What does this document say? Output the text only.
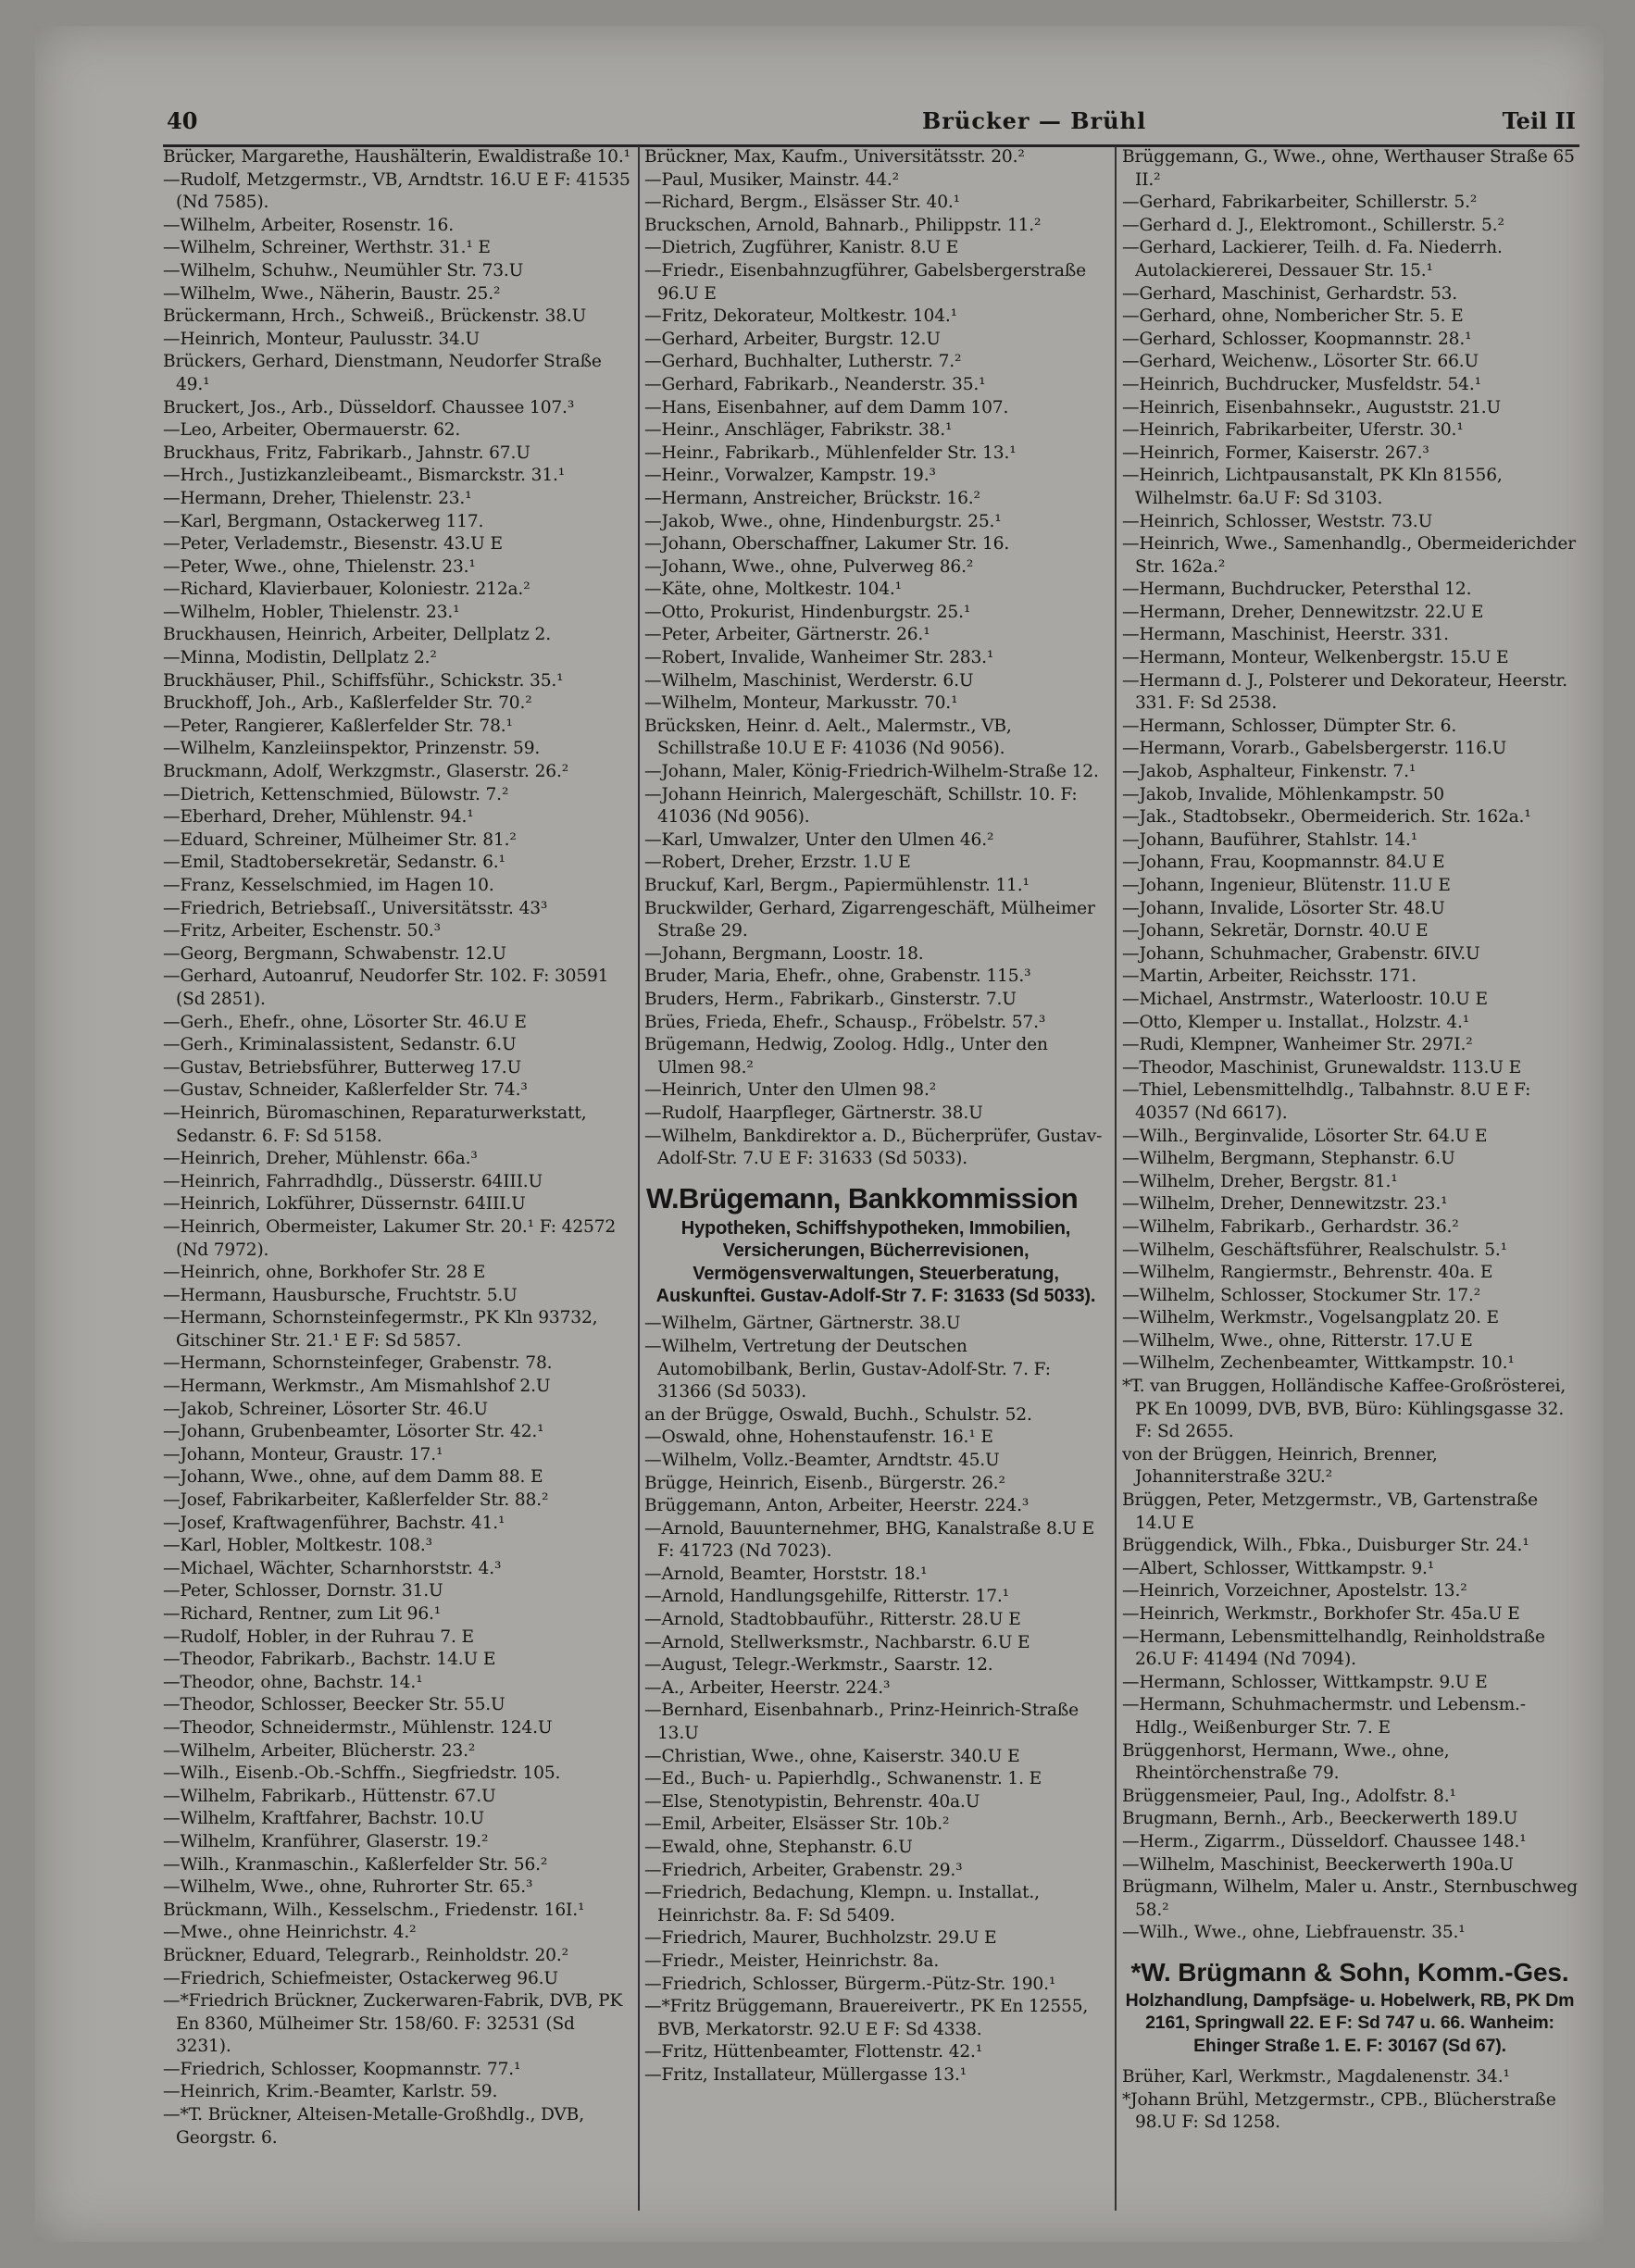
40	Brücker — Brühl	Teil II

Brücker, Margarethe, Haushälterin, Ewaldistraße 10.¹

—Rudolf, Metzgermstr., VB, Arndtstr. 16.U E F: 41535 (Nd 7585).

—Wilhelm, Arbeiter, Rosenstr. 16.

—Wilhelm, Schreiner, Werthstr. 31.¹ E

—Wilhelm, Schuhw., Neumühler Str. 73.U

—Wilhelm, Wwe., Näherin, Baustr. 25.²

Brückermann, Hrch., Schweiß., Brückenstr. 38.U

—Heinrich, Monteur, Paulusstr. 34.U

Brückers, Gerhard, Dienstmann, Neudorfer Straße 49.¹

Bruckert, Jos., Arb., Düsseldorf. Chaussee 107.³

—Leo, Arbeiter, Obermauerstr. 62.

Bruckhaus, Fritz, Fabrikarb., Jahnstr. 67.U

—Hrch., Justizkanzleibeamt., Bismarckstr. 31.¹

—Hermann, Dreher, Thielenstr. 23.¹

—Karl, Bergmann, Ostackerweg 117.

—Peter, Verlademstr., Biesenstr. 43.U E

—Peter, Wwe., ohne, Thielenstr. 23.¹

—Richard, Klavierbauer, Koloniestr. 212a.²

—Wilhelm, Hobler, Thielenstr. 23.¹

Bruckhausen, Heinrich, Arbeiter, Dellplatz 2.

—Minna, Modistin, Dellplatz 2.²

Bruckhäuser, Phil., Schiffsführ., Schickstr. 35.¹

Bruckhoff, Joh., Arb., Kaßlerfelder Str. 70.²

—Peter, Rangierer, Kaßlerfelder Str. 78.¹

—Wilhelm, Kanzleiinspektor, Prinzenstr. 59.

Bruckmann, Adolf, Werkzgmstr., Glaserstr. 26.²

—Dietrich, Kettenschmied, Bülowstr. 7.²

—Eberhard, Dreher, Mühlenstr. 94.¹

—Eduard, Schreiner, Mülheimer Str. 81.²

—Emil, Stadtobersekretär, Sedanstr. 6.¹

—Franz, Kesselschmied, im Hagen 10.

—Friedrich, Betriebsaſſ., Universitätsstr. 43³

—Fritz, Arbeiter, Eschenstr. 50.³

—Georg, Bergmann, Schwabenstr. 12.U

—Gerhard, Autoanruf, Neudorfer Str. 102. F: 30591 (Sd 2851).

—Gerh., Ehefr., ohne, Lösorter Str. 46.U E

—Gerh., Kriminalassistent, Sedanstr. 6.U

—Gustav, Betriebsführer, Butterweg 17.U

—Gustav, Schneider, Kaßlerfelder Str. 74.³

—Heinrich, Büromaschinen, Reparaturwerkstatt, Sedanstr. 6. F: Sd 5158.

—Heinrich, Dreher, Mühlenstr. 66a.³

—Heinrich, Fahrradhdlg., Düsserstr. 64III.U

—Heinrich, Lokführer, Düssernstr. 64III.U

—Heinrich, Obermeister, Lakumer Str. 20.¹ F: 42572 (Nd 7972).

—Heinrich, ohne, Borkhofer Str. 28 E

—Hermann, Hausbursche, Fruchtstr. 5.U

—Hermann, Schornsteinfegermstr., PK Kln 93732, Gitschiner Str. 21.¹ E F: Sd 5857.

—Hermann, Schornsteinfeger, Grabenstr. 78.

—Hermann, Werkmstr., Am Mismahlshof 2.U

—Jakob, Schreiner, Lösorter Str. 46.U

—Johann, Grubenbeamter, Lösorter Str. 42.¹

—Johann, Monteur, Graustr. 17.¹

—Johann, Wwe., ohne, auf dem Damm 88. E

—Josef, Fabrikarbeiter, Kaßlerfelder Str. 88.²

—Josef, Kraftwagenführer, Bachstr. 41.¹

—Karl, Hobler, Moltkestr. 108.³

—Michael, Wächter, Scharnhorststr. 4.³

—Peter, Schlosser, Dornstr. 31.U

—Richard, Rentner, zum Lit 96.¹

—Rudolf, Hobler, in der Ruhrau 7. E

—Theodor, Fabrikarb., Bachstr. 14.U E

—Theodor, ohne, Bachstr. 14.¹

—Theodor, Schlosser, Beecker Str. 55.U

—Theodor, Schneidermstr., Mühlenstr. 124.U

—Wilhelm, Arbeiter, Blücherstr. 23.²

—Wilh., Eisenb.-Ob.-Schffn., Siegfriedstr. 105.

—Wilhelm, Fabrikarb., Hüttenstr. 67.U

—Wilhelm, Kraftfahrer, Bachstr. 10.U

—Wilhelm, Kranführer, Glaserstr. 19.²

—Wilh., Kranmaschin., Kaßlerfelder Str. 56.²

—Wilhelm, Wwe., ohne, Ruhrorter Str. 65.³

Brückmann, Wilh., Kesselschm., Friedenstr. 16I.¹

—Mwe., ohne Heinrichstr. 4.²

Brückner, Eduard, Telegrarb., Reinholdstr. 20.²

—Friedrich, Schiefmeister, Ostackerweg 96.U

—*Friedrich Brückner, Zuckerwaren-Fabrik, DVB, PK En 8360, Mülheimer Str. 158/60. F: 32531 (Sd 3231).

—Friedrich, Schlosser, Koopmannstr. 77.¹

—Heinrich, Krim.-Beamter, Karlstr. 59.

—*T. Brückner, Alteisen-Metalle-Großhdlg., DVB, Georgstr. 6.

Brückner, Max, Kaufm., Universitätsstr. 20.²

—Paul, Musiker, Mainstr. 44.²

—Richard, Bergm., Elsässer Str. 40.¹

Bruckschen, Arnold, Bahnarb., Philippstr. 11.²

—Dietrich, Zugführer, Kanistr. 8.U E

—Friedr., Eisenbahnzugführer, Gabelsbergerstraße 96.U E

—Fritz, Dekorateur, Moltkestr. 104.¹

—Gerhard, Arbeiter, Burgstr. 12.U

—Gerhard, Buchhalter, Lutherstr. 7.²

—Gerhard, Fabrikarb., Neanderstr. 35.¹

—Hans, Eisenbahner, auf dem Damm 107.

—Heinr., Anschläger, Fabrikstr. 38.¹

—Heinr., Fabrikarb., Mühlenfelder Str. 13.¹

—Heinr., Vorwalzer, Kampstr. 19.³

—Hermann, Anstreicher, Brückstr. 16.²

—Jakob, Wwe., ohne, Hindenburgstr. 25.¹

—Johann, Oberschaffner, Lakumer Str. 16.

—Johann, Wwe., ohne, Pulverweg 86.²

—Käte, ohne, Moltkestr. 104.¹

—Otto, Prokurist, Hindenburgstr. 25.¹

—Peter, Arbeiter, Gärtnerstr. 26.¹

—Robert, Invalide, Wanheimer Str. 283.¹

—Wilhelm, Maschinist, Werderstr. 6.U

—Wilhelm, Monteur, Markusstr. 70.¹

Brücksken, Heinr. d. Aelt., Malermstr., VB, Schillstraße 10.U E F: 41036 (Nd 9056).

—Johann, Maler, König-Friedrich-Wilhelm-Straße 12.

—Johann Heinrich, Malergeschäft, Schillstr. 10. F: 41036 (Nd 9056).

—Karl, Umwalzer, Unter den Ulmen 46.²

—Robert, Dreher, Erzstr. 1.U E

Bruckuf, Karl, Bergm., Papiermühlenstr. 11.¹

Bruckwilder, Gerhard, Zigarrengeschäft, Mülheimer Straße 29.

—Johann, Bergmann, Loostr. 18.

Bruder, Maria, Ehefr., ohne, Grabenstr. 115.³

Bruders, Herm., Fabrikarb., Ginsterstr. 7.U

Brües, Frieda, Ehefr., Schausp., Fröbelstr. 57.³

Brügemann, Hedwig, Zoolog. Hdlg., Unter den Ulmen 98.²

—Heinrich, Unter den Ulmen 98.²

—Rudolf, Haarpfleger, Gärtnerstr. 38.U

—Wilhelm, Bankdirektor a. D., Bücherprüfer, Gustav-Adolf-Str. 7.U E F: 31633 (Sd 5033).

W.Brügemann, Bankkommission
Hypotheken, Schiffshypotheken, Immobilien, Versicherungen, Bücherrevisionen, Vermögensverwaltungen, Steuerberatung, Auskunftei. Gustav-Adolf-Str 7. F: 31633 (Sd 5033).

—Wilhelm, Gärtner, Gärtnerstr. 38.U

—Wilhelm, Vertretung der Deutschen Automobilbank, Berlin, Gustav-Adolf-Str. 7. F: 31366 (Sd 5033).

an der Brügge, Oswald, Buchh., Schulstr. 52.

—Oswald, ohne, Hohenstaufenstr. 16.¹ E

—Wilhelm, Vollz.-Beamter, Arndtstr. 45.U

Brügge, Heinrich, Eisenb., Bürgerstr. 26.²

Brüggemann, Anton, Arbeiter, Heerstr. 224.³

—Arnold, Bauunternehmer, BHG, Kanalstraße 8.U E F: 41723 (Nd 7023).

—Arnold, Beamter, Horststr. 18.¹

—Arnold, Handlungsgehilfe, Ritterstr. 17.¹

—Arnold, Stadtobbauführ., Ritterstr. 28.U E

—Arnold, Stellwerksmstr., Nachbarstr. 6.U E

—August, Telegr.-Werkmstr., Saarstr. 12.

—A., Arbeiter, Heerstr. 224.³

—Bernhard, Eisenbahnarb., Prinz-Heinrich-Straße 13.U

—Christian, Wwe., ohne, Kaiserstr. 340.U E

—Ed., Buch- u. Papierhdlg., Schwanenstr. 1. E

—Else, Stenotypistin, Behrenstr. 40a.U

—Emil, Arbeiter, Elsässer Str. 10b.²

—Ewald, ohne, Stephanstr. 6.U

—Friedrich, Arbeiter, Grabenstr. 29.³

—Friedrich, Bedachung, Klempn. u. Installat., Heinrichstr. 8a. F: Sd 5409.

—Friedrich, Maurer, Buchholzstr. 29.U E

—Friedr., Meister, Heinrichstr. 8a.

—Friedrich, Schlosser, Bürgerm.-Pütz-Str. 190.¹

—*Fritz Brüggemann, Brauereivertr., PK En 12555, BVB, Merkatorstr. 92.U E F: Sd 4338.

—Fritz, Hüttenbeamter, Flottenstr. 42.¹

—Fritz, Installateur, Müllergasse 13.¹

Brüggemann, G., Wwe., ohne, Werthauser Straße 65 II.²

—Gerhard, Fabrikarbeiter, Schillerstr. 5.²

—Gerhard d. J., Elektromont., Schillerstr. 5.²

—Gerhard, Lackierer, Teilh. d. Fa. Niederrh. Autolackiererei, Dessauer Str. 15.¹

—Gerhard, Maschinist, Gerhardstr. 53.

—Gerhard, ohne, Nombericher Str. 5. E

—Gerhard, Schlosser, Koopmannstr. 28.¹

—Gerhard, Weichenw., Lösorter Str. 66.U

—Heinrich, Buchdrucker, Musfeldstr. 54.¹

—Heinrich, Eisenbahnsekr., Auguststr. 21.U

—Heinrich, Fabrikarbeiter, Uferstr. 30.¹

—Heinrich, Former, Kaiserstr. 267.³

—Heinrich, Lichtpausanstalt, PK Kln 81556, Wilhelmstr. 6a.U F: Sd 3103.

—Heinrich, Schlosser, Weststr. 73.U

—Heinrich, Wwe., Samenhandlg., Obermeiderichder Str. 162a.²

—Hermann, Buchdrucker, Petersthal 12.

—Hermann, Dreher, Dennewitzstr. 22.U E

—Hermann, Maschinist, Heerstr. 331.

—Hermann, Monteur, Welkenbergstr. 15.U E

—Hermann d. J., Polsterer und Dekorateur, Heerstr. 331. F: Sd 2538.

—Hermann, Schlosser, Dümpter Str. 6.

—Hermann, Vorarb., Gabelsbergerstr. 116.U

—Jakob, Asphalteur, Finkenstr. 7.¹

—Jakob, Invalide, Möhlenkampstr. 50

—Jak., Stadtobsekr., Obermeiderich. Str. 162a.¹

—Johann, Bauführer, Stahlstr. 14.¹

—Johann, Frau, Koopmannstr. 84.U E

—Johann, Ingenieur, Blütenstr. 11.U E

—Johann, Invalide, Lösorter Str. 48.U

—Johann, Sekretär, Dornstr. 40.U E

—Johann, Schuhmacher, Grabenstr. 6IV.U

—Martin, Arbeiter, Reichsstr. 171.

—Michael, Anstrmstr., Waterloostr. 10.U E

—Otto, Klemper u. Installat., Holzstr. 4.¹

—Rudi, Klempner, Wanheimer Str. 297I.²

—Theodor, Maschinist, Grunewaldstr. 113.U E

—Thiel, Lebensmittelhdlg., Talbahnstr. 8.U E F: 40357 (Nd 6617).

—Wilh., Berginvalide, Lösorter Str. 64.U E

—Wilhelm, Bergmann, Stephanstr. 6.U

—Wilhelm, Dreher, Bergstr. 81.¹

—Wilhelm, Dreher, Dennewitzstr. 23.¹

—Wilhelm, Fabrikarb., Gerhardstr. 36.²

—Wilhelm, Geschäftsführer, Realschulstr. 5.¹

—Wilhelm, Rangiermstr., Behrenstr. 40a. E

—Wilhelm, Schlosser, Stockumer Str. 17.²

—Wilhelm, Werkmstr., Vogelsangplatz 20. E

—Wilhelm, Wwe., ohne, Ritterstr. 17.U E

—Wilhelm, Zechenbeamter, Wittkampstr. 10.¹

*T. van Bruggen, Holländische Kaffee-Großrösterei, PK En 10099, DVB, BVB, Büro: Kühlingsgasse 32. F: Sd 2655.

von der Brüggen, Heinrich, Brenner, Johanniterstraße 32U.²

Brüggen, Peter, Metzgermstr., VB, Gartenstraße 14.U E

Brüggendick, Wilh., Fbka., Duisburger Str. 24.¹

—Albert, Schlosser, Wittkampstr. 9.¹

—Heinrich, Vorzeichner, Apostelstr. 13.²

—Heinrich, Werkmstr., Borkhofer Str. 45a.U E

—Hermann, Lebensmittelhandlg, Reinholdstraße 26.U F: 41494 (Nd 7094).

—Hermann, Schlosser, Wittkampstr. 9.U E

—Hermann, Schuhmachermstr. und Lebensm.-Hdlg., Weißenburger Str. 7. E

Brüggenhorst, Hermann, Wwe., ohne, Rheintörchenstraße 79.

Brüggensmeier, Paul, Ing., Adolfstr. 8.¹

Brugmann, Bernh., Arb., Beeckerwerth 189.U

—Herm., Zigarrm., Düsseldorf. Chaussee 148.¹

—Wilhelm, Maschinist, Beeckerwerth 190a.U

Brügmann, Wilhelm, Maler u. Anstr., Sternbuschweg 58.²

—Wilh., Wwe., ohne, Liebfrauenstr. 35.¹

*W. Brügmann & Sohn, Komm.-Ges.
Holzhandlung, Dampfsäge- u. Hobelwerk, RB, PK Dm 2161, Springwall 22. E F: Sd 747 u. 66. Wanheim: Ehinger Straße 1. E. F: 30167 (Sd 67).

Brüher, Karl, Werkmstr., Magdalenenstr. 34.¹

*Johann Brühl, Metzgermstr., CPB., Blücherstraße 98.U F: Sd 1258.
